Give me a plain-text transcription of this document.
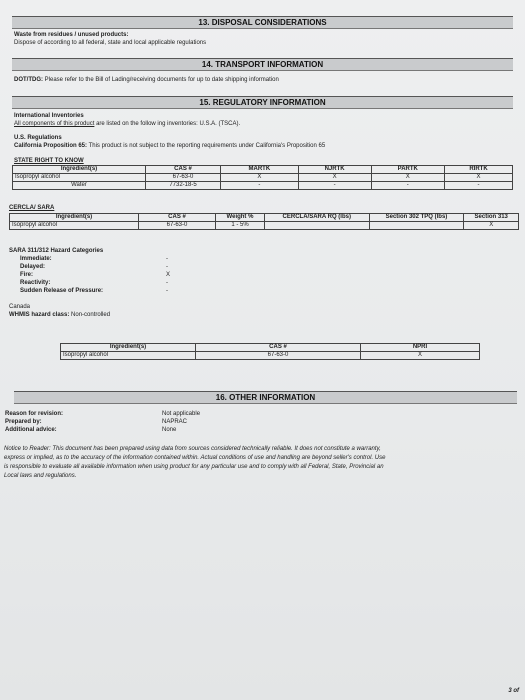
13. DISPOSAL CONSIDERATIONS
Waste from residues / unused products:
Dispose of according to all federal, state and local applicable regulations
14. TRANSPORT INFORMATION
DOT/TDG: Please refer to the Bill of Lading/receiving documents for up to date shipping information
15. REGULATORY INFORMATION
International Inventories
All components of this product are listed on the follow ing inventories: U.S.A. (TSCA).
U.S. Regulations
California Proposition 65: This product is not subject to the reporting requirements under California's Proposition 65
STATE RIGHT TO KNOW
Ingredient(s)	CAS #	MARTK	NJRTK	PARTK	RIRTK
Isopropyl alcohol	67-63-0	X	X	X	X
Water	7732-18-5	-	-	-	-
CERCLA/ SARA
Ingredient(s)	CAS #	Weight %	CERCLA/SARA RQ (lbs)	Section 302 TPQ (lbs)	Section 313
Isopropyl alcohol	67-63-0	1 - 5%			X
SARA 311/312 Hazard Categories
Immediate:	-
Delayed:	-
Fire:	X
Reactivity:	-
Sudden Release of Pressure:	-
Canada
WHMIS hazard class: Non-controlled
Ingredient(s)	CAS #	NPRI
Isopropyl alcohol	67-63-0	X
16. OTHER INFORMATION
Reason for revision:	Not applicable
Prepared by:	NAPRAC
Additional advice:	None
Notice to Reader: This document has been prepared using data from sources considered technically reliable. It does not constitute a warranty,
express or implied, as to the accuracy of the information contained within. Actual conditions of use and handling are beyond seller's control. Use
is responsible to evaluate all available information when using product for any particular use and to comply with all Federal, State, Provincial an
Local laws and regulations.
3 of
